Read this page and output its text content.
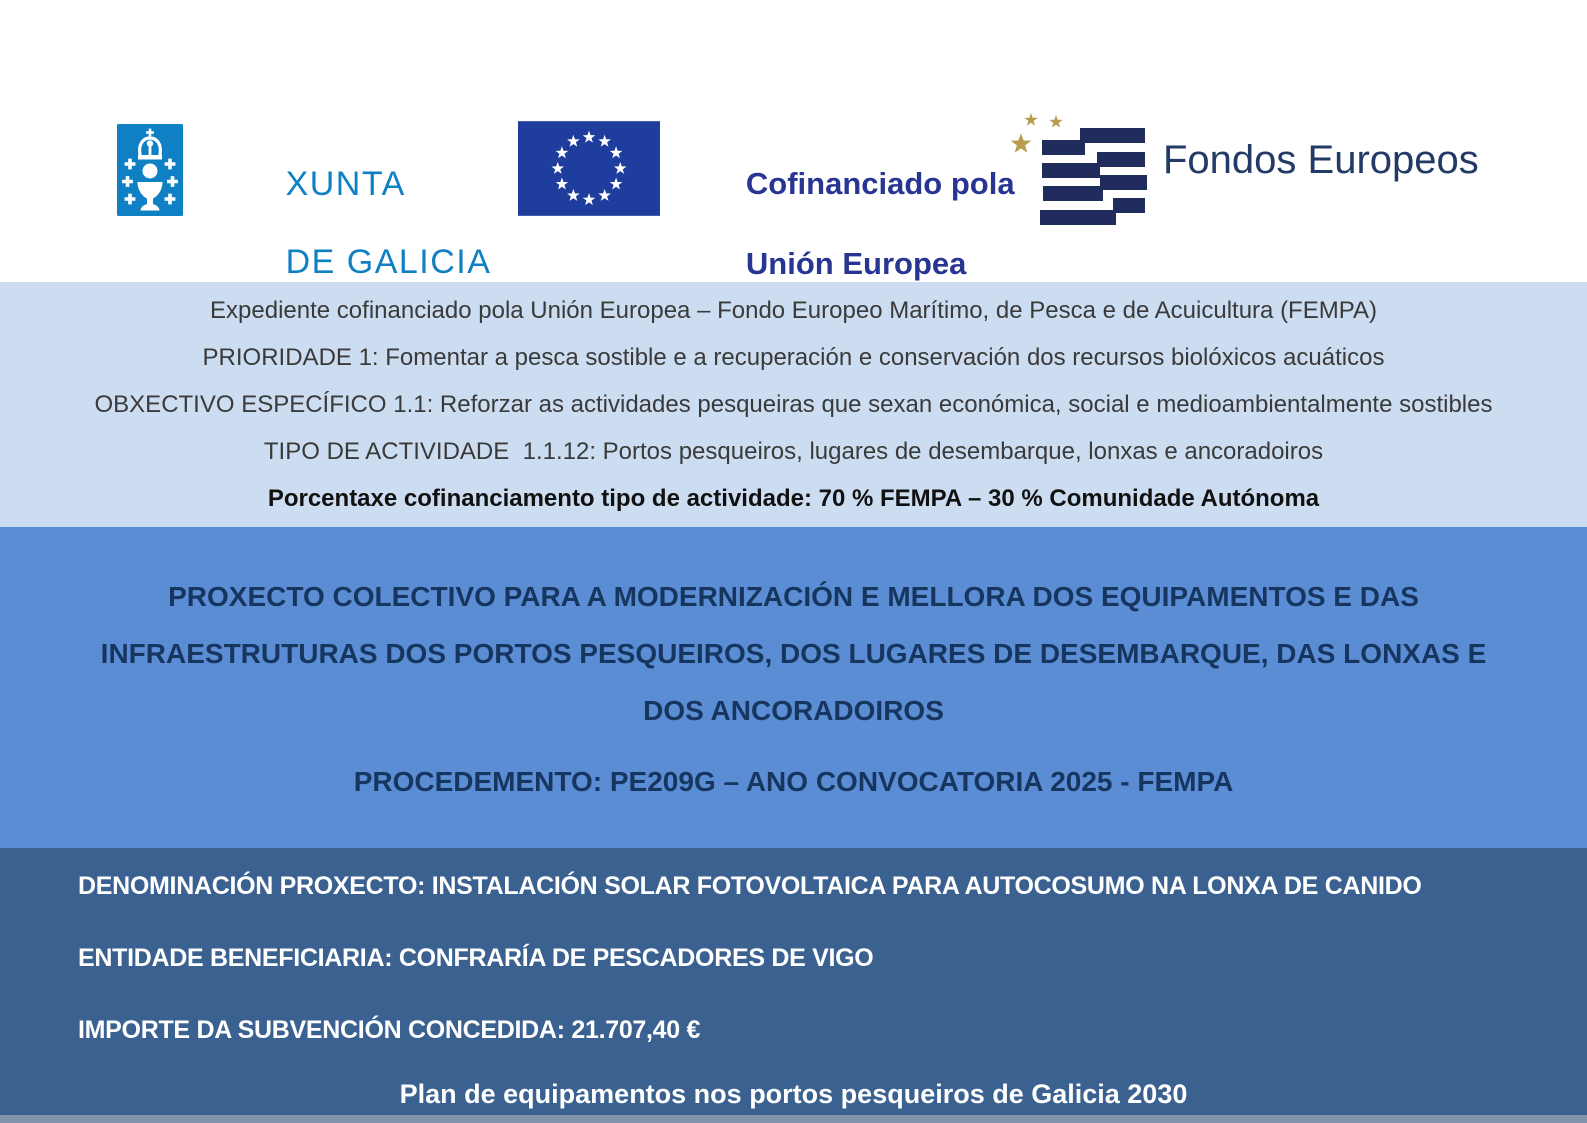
XUNTA

DE GALICIA

Cofinanciado pola

Unión Europea

Fondos Europeos

Expediente cofinanciado pola Unión Europea – Fondo Europeo Marítimo, de Pesca e de Acuicultura (FEMPA)

PRIORIDADE 1: Fomentar a pesca sostible e a recuperación e conservación dos recursos biolóxicos acuáticos

OBXECTIVO ESPECÍFICO 1.1: Reforzar as actividades pesqueiras que sexan económica, social e medioambientalmente sostibles

TIPO DE ACTIVIDADE  1.1.12: Portos pesqueiros, lugares de desembarque, lonxas e ancoradoiros

Porcentaxe cofinanciamento tipo de actividade: 70 % FEMPA – 30 % Comunidade Autónoma

PROXECTO COLECTIVO PARA A MODERNIZACIÓN E MELLORA DOS EQUIPAMENTOS E DAS
INFRAESTRUTURAS DOS PORTOS PESQUEIROS, DOS LUGARES DE DESEMBARQUE, DAS LONXAS E
DOS ANCORADOIROS
PROCEDEMENTO: PE209G – ANO CONVOCATORIA 2025 - FEMPA

DENOMINACIÓN PROXECTO: INSTALACIÓN SOLAR FOTOVOLTAICA PARA AUTOCOSUMO NA LONXA DE CANIDO

ENTIDADE BENEFICIARIA: CONFRARÍA DE PESCADORES DE VIGO

IMPORTE DA SUBVENCIÓN CONCEDIDA: 21.707,40 €

Plan de equipamentos nos portos pesqueiros de Galicia 2030
